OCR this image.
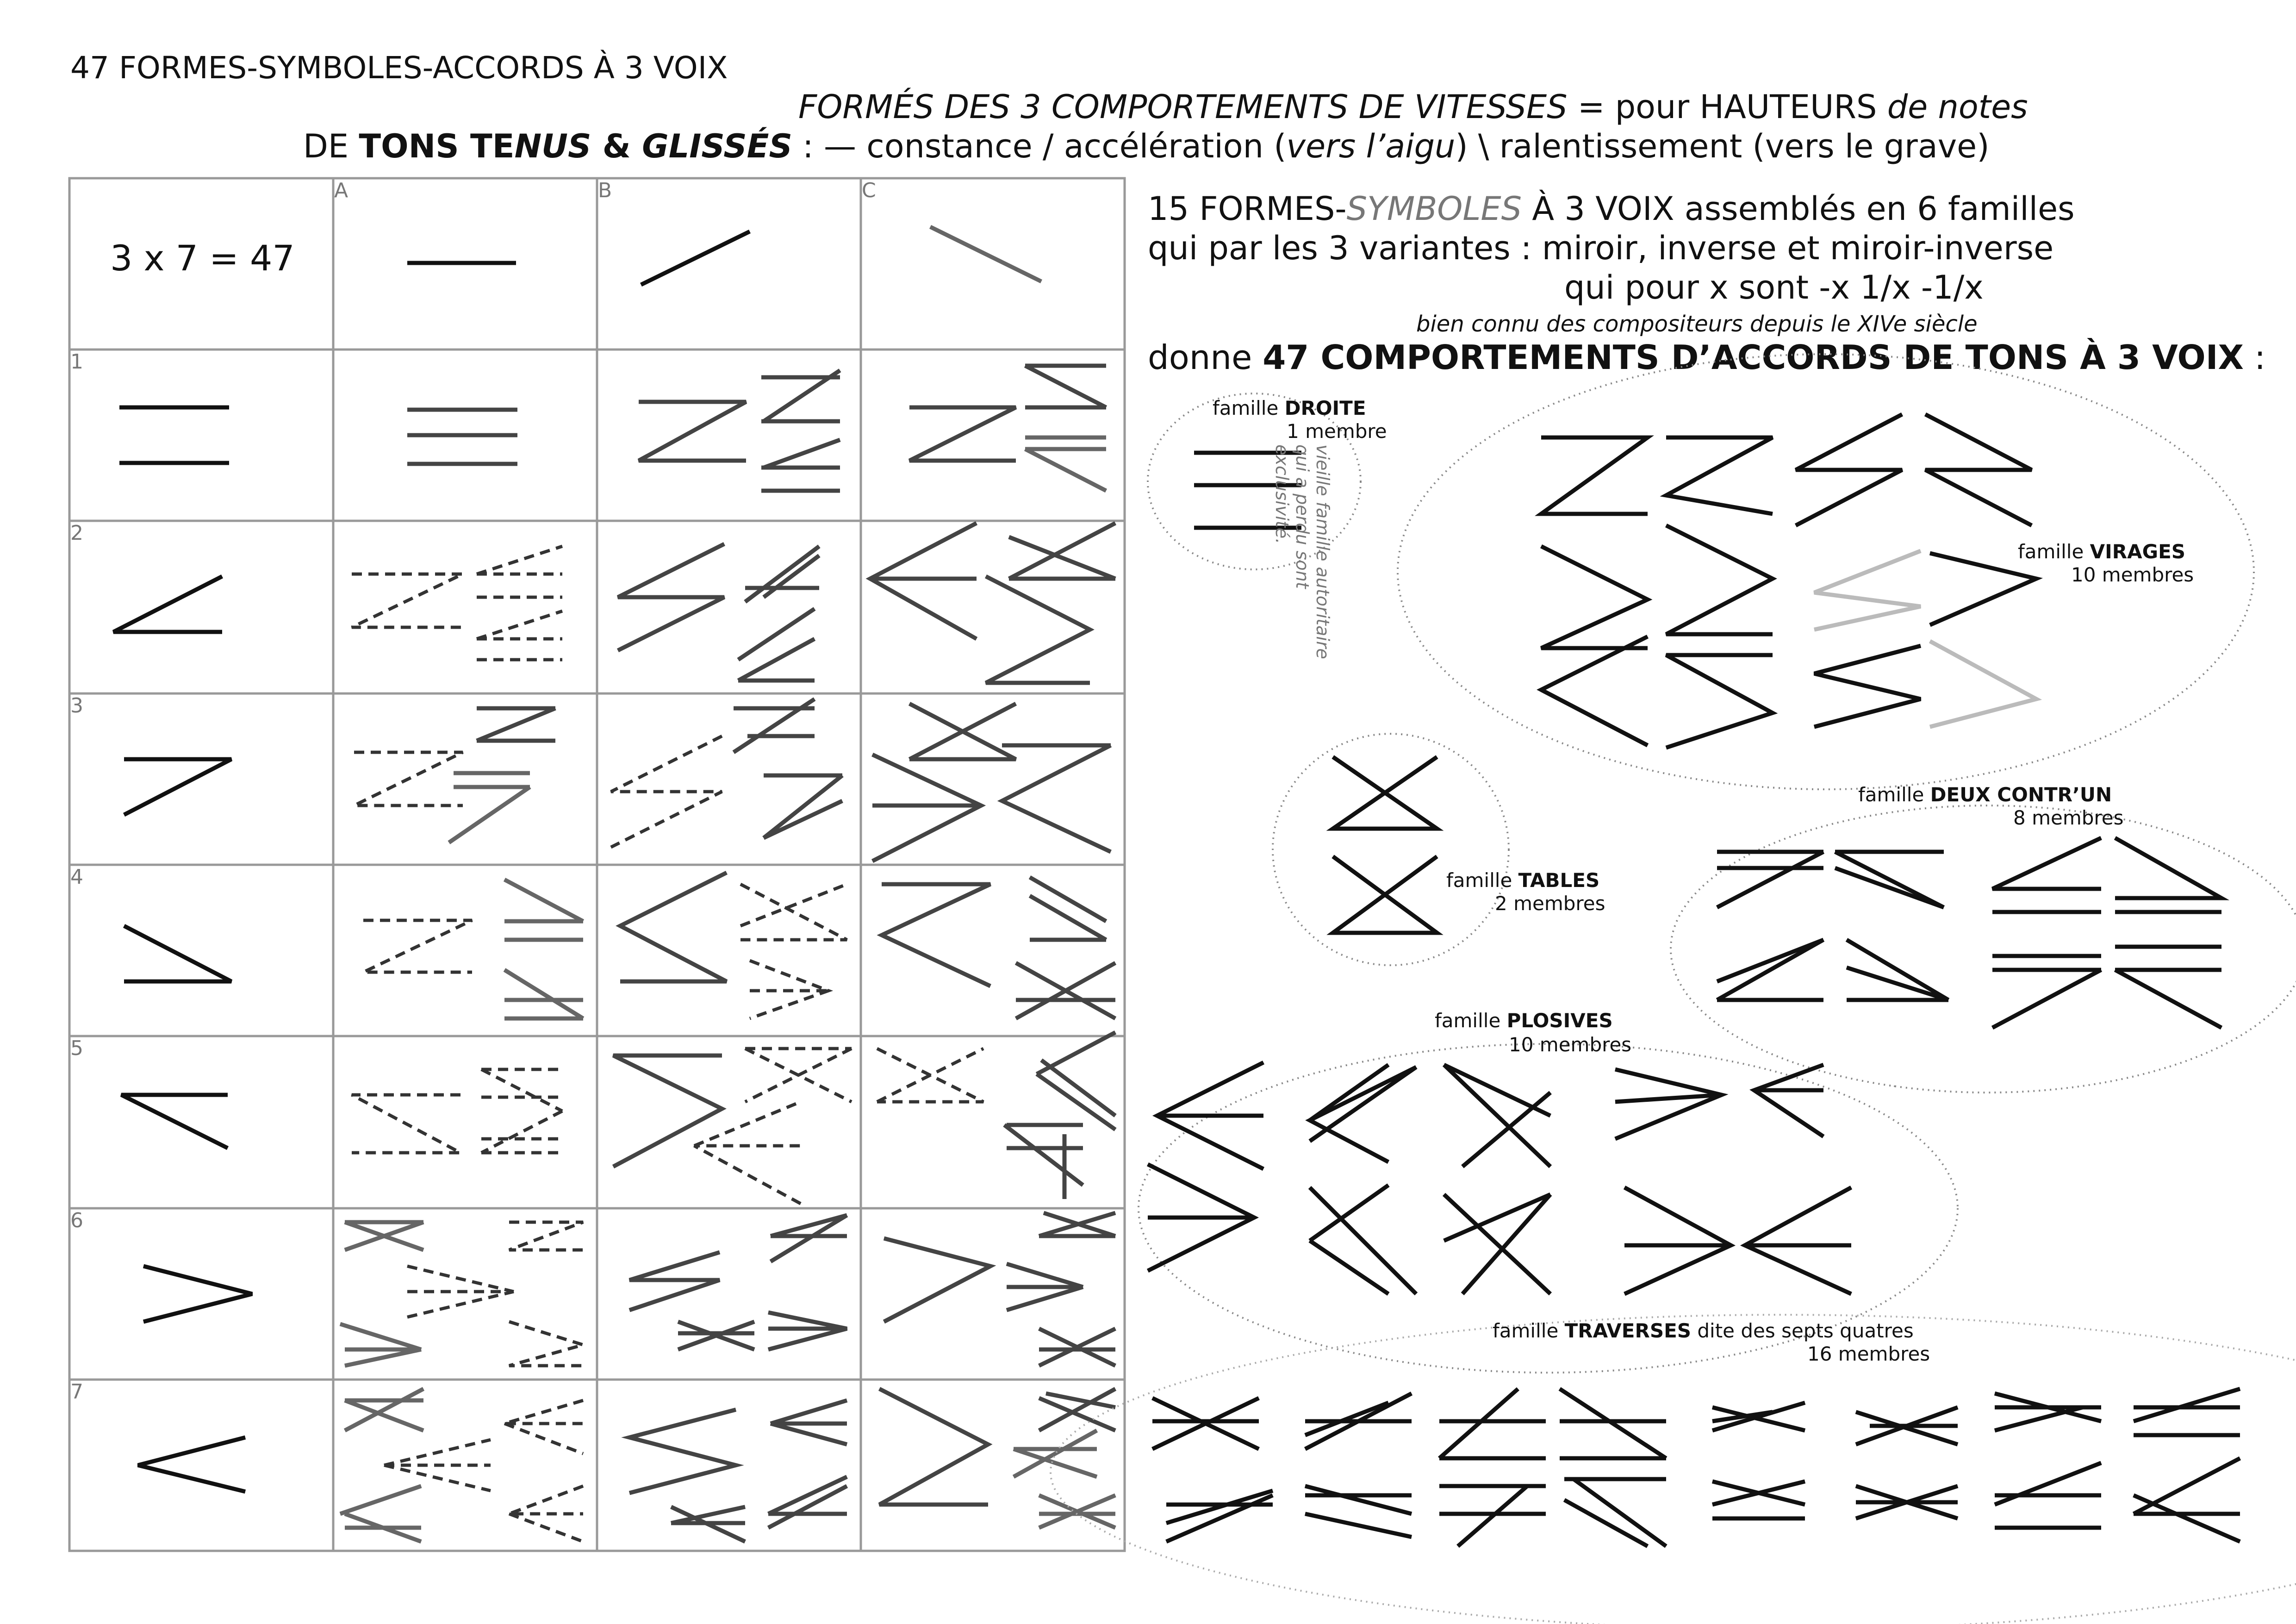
47 FORMES-SYMBOLES-ACCORDS À 3 VOIX
FORMÉS DES 3 COMPORTEMENTS DE VITESSES = pour HAUTEURS de notes
DE TONS TENUS & GLISSÉS : — constance / accélération (vers l’aigu) \ ralentissement (vers le grave)
15 FORMES-SYMBOLES À 3 VOIX assemblés en 6 familles
qui par les 3 variantes : miroir, inverse et miroir-inverse
qui pour x sont -x 1/x -1/x
bien connu des compositeurs depuis le XIVe siècle
donne 47 COMPORTEMENTS D’ACCORDS DE TONS À 3 VOIX :
3 x 7 = 47
A	B	C
1
2
3
4
5
6
7
famille DROITE
1 membre
vieille famille autoritaire qui a perdu sont exclusivité.
famille VIRAGES
10 membres
famille TABLES
2 membres
famille DEUX CONTR’UN
8 membres
famille PLOSIVES
10 membres
famille TRAVERSES dite des septs quatres
16 membres
